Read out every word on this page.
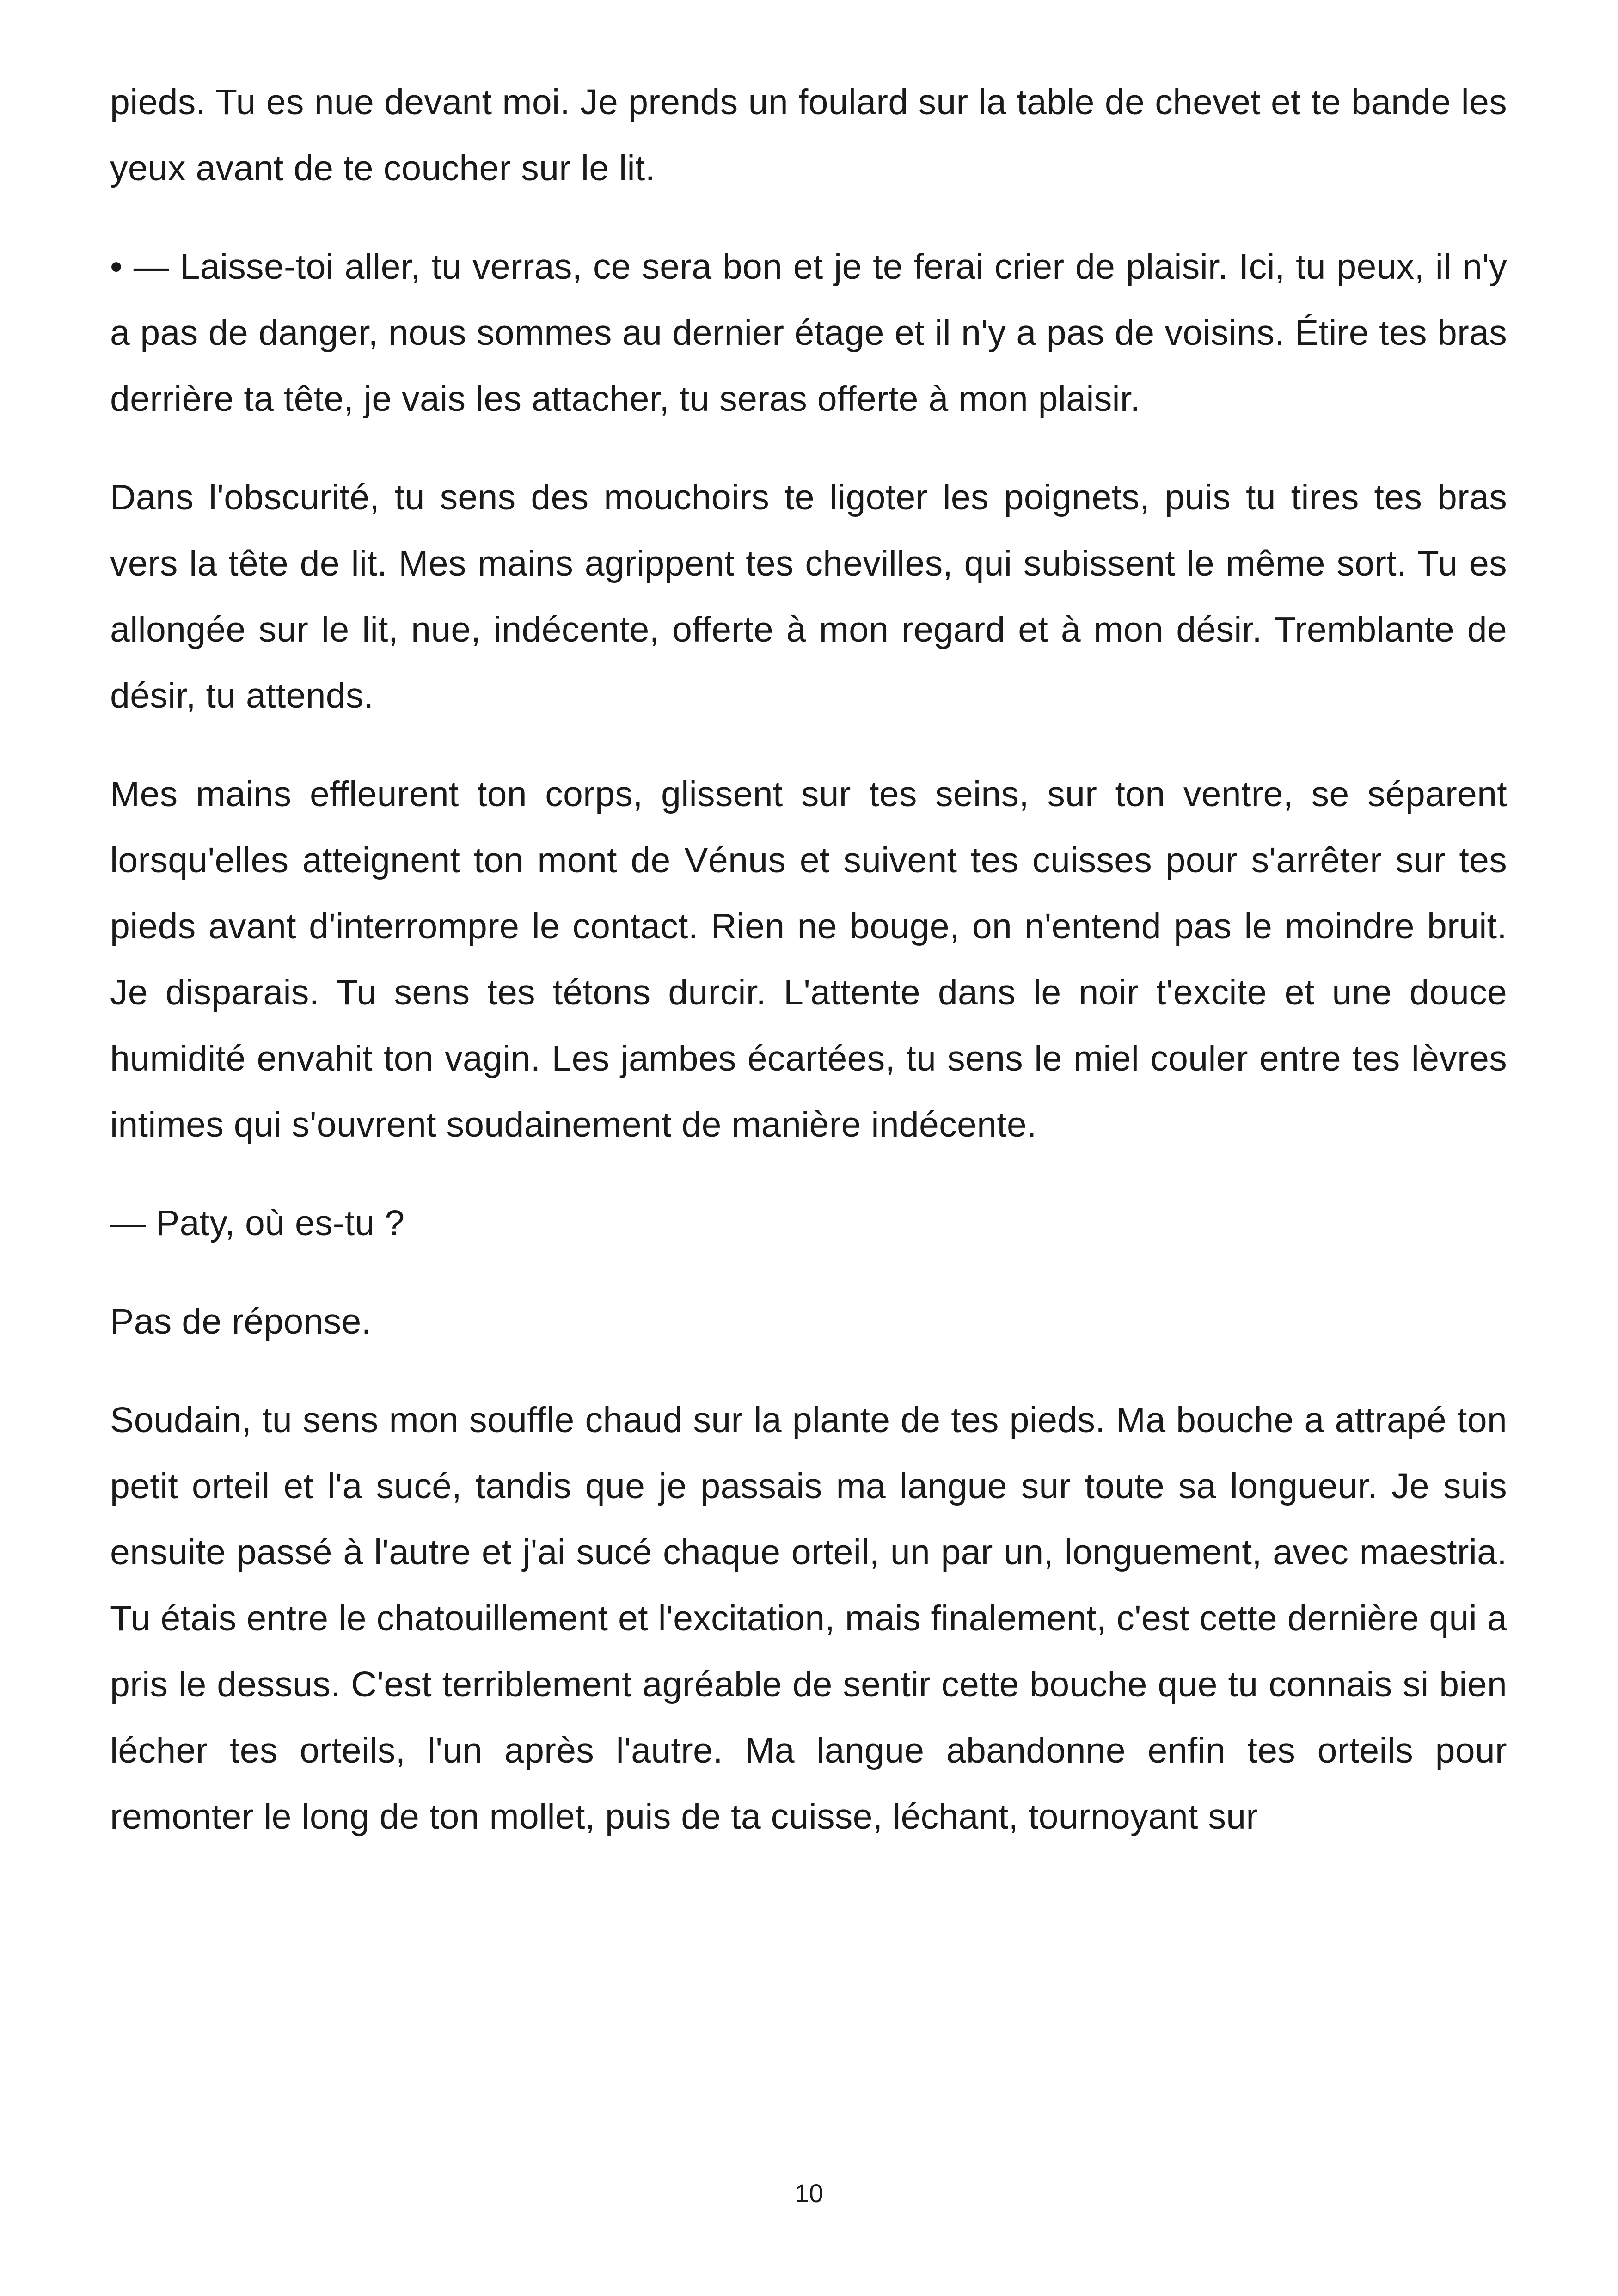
pieds. Tu es nue devant moi. Je prends un foulard sur la table de chevet et te bande les yeux avant de te coucher sur le lit.

• — Laisse-toi aller, tu verras, ce sera bon et je te ferai crier de plaisir. Ici, tu peux, il n'y a pas de danger, nous sommes au dernier étage et il n'y a pas de voisins. Étire tes bras derrière ta tête, je vais les attacher, tu seras offerte à mon plaisir.

Dans l'obscurité, tu sens des mouchoirs te ligoter les poignets, puis tu tires tes bras vers la tête de lit. Mes mains agrippent tes chevilles, qui subissent le même sort. Tu es allongée sur le lit, nue, indécente, offerte à mon regard et à mon désir. Tremblante de désir, tu attends.

Mes mains effleurent ton corps, glissent sur tes seins, sur ton ventre, se séparent lorsqu'elles atteignent ton mont de Vénus et suivent tes cuisses pour s'arrêter sur tes pieds avant d'interrompre le contact. Rien ne bouge, on n'entend pas le moindre bruit. Je disparais. Tu sens tes tétons durcir. L'attente dans le noir t'excite et une douce humidité envahit ton vagin. Les jambes écartées, tu sens le miel couler entre tes lèvres intimes qui s'ouvrent soudainement de manière indécente.

— Paty, où es-tu ?

Pas de réponse.

Soudain, tu sens mon souffle chaud sur la plante de tes pieds. Ma bouche a attrapé ton petit orteil et l'a sucé, tandis que je passais ma langue sur toute sa longueur. Je suis ensuite passé à l'autre et j'ai sucé chaque orteil, un par un, longuement, avec maestria. Tu étais entre le chatouillement et l'excitation, mais finalement, c'est cette dernière qui a pris le dessus. C'est terriblement agréable de sentir cette bouche que tu connais si bien lécher tes orteils, l'un après l'autre. Ma langue abandonne enfin tes orteils pour remonter le long de ton mollet, puis de ta cuisse, léchant, tournoyant sur

10
